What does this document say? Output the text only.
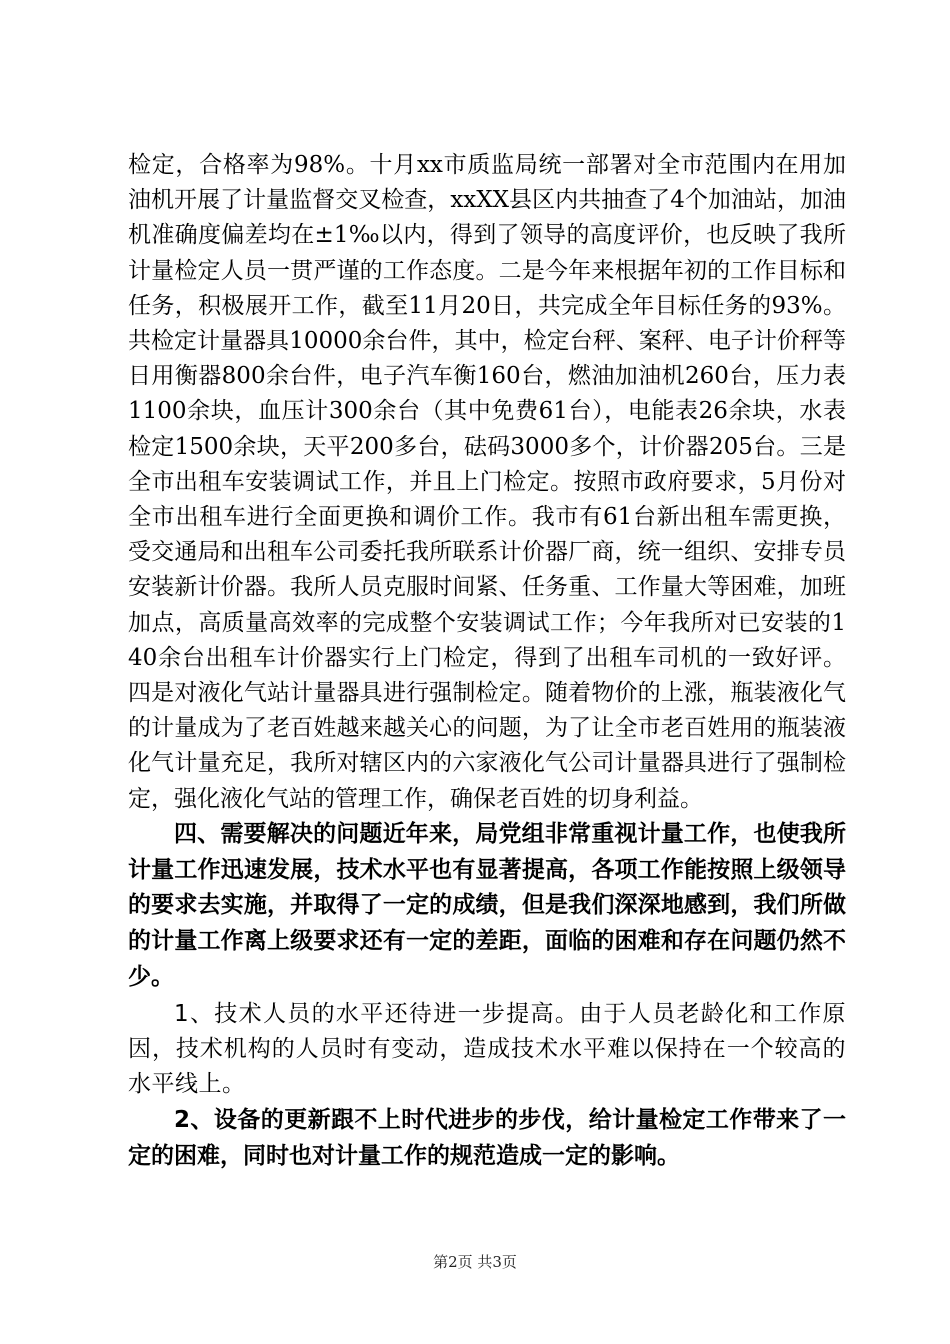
检定，合格率为98%。十月xx市质监局统一部署对全市范围内在用加油机开展了计量监督交叉检查，xxXX县区内共抽查了4个加油站，加油机准确度偏差均在±1‰以内，得到了领导的高度评价，也反映了我所计量检定人员一贯严谨的工作态度。二是今年来根据年初的工作目标和任务，积极展开工作，截至11月20日，共完成全年目标任务的93%。共检定计量器具10000余台件，其中，检定台秤、案秤、电子计价秤等日用衡器800余台件，电子汽车衡160台，燃油加油机260台，压力表1100余块，血压计300余台（其中免费61台），电能表26余块，水表检定1500余块，天平200多台，砝码3000多个，计价器205台。三是全市出租车安装调试工作，并且上门检定。按照市政府要求，5月份对全市出租车进行全面更换和调价工作。我市有61台新出租车需更换，受交通局和出租车公司委托我所联系计价器厂商，统一组织、安排专员安装新计价器。我所人员克服时间紧、任务重、工作量大等困难，加班加点，高质量高效率的完成整个安装调试工作；今年我所对已安装的140余台出租车计价器实行上门检定，得到了出租车司机的一致好评。四是对液化气站计量器具进行强制检定。随着物价的上涨，瓶装液化气的计量成为了老百姓越来越关心的问题，为了让全市老百姓用的瓶装液化气计量充足，我所对辖区内的六家液化气公司计量器具进行了强制检定，强化液化气站的管理工作，确保老百姓的切身利益。

四、需要解决的问题近年来，局党组非常重视计量工作，也使我所计量工作迅速发展，技术水平也有显著提高，各项工作能按照上级领导的要求去实施，并取得了一定的成绩，但是我们深深地感到，我们所做的计量工作离上级要求还有一定的差距，面临的困难和存在问题仍然不少。

1、技术人员的水平还待进一步提高。由于人员老龄化和工作原因，技术机构的人员时有变动，造成技术水平难以保持在一个较高的水平线上。

2、设备的更新跟不上时代进步的步伐，给计量检定工作带来了一定的困难，同时也对计量工作的规范造成一定的影响。

第2页 共3页
